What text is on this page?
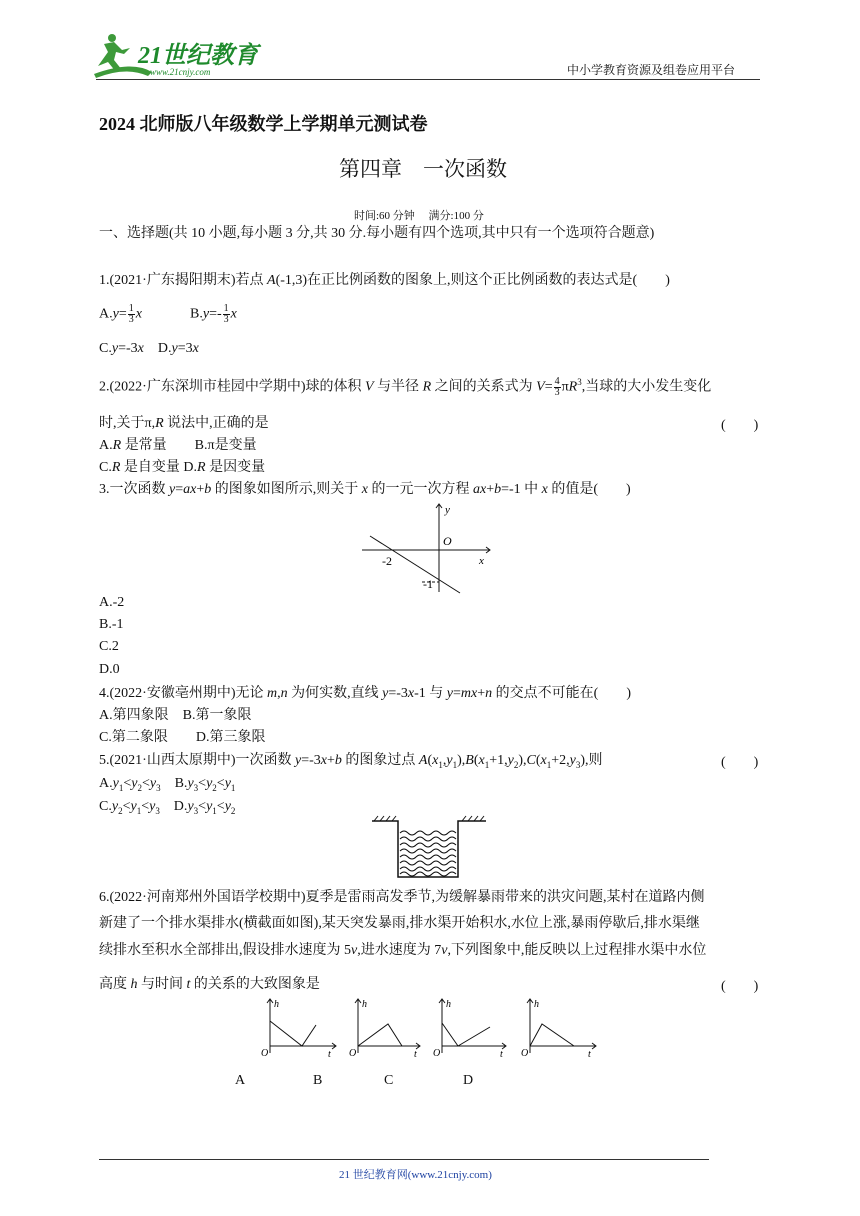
21世纪教育
www.21cnjy.com	中小学教育资源及组卷应用平台
2024 北师版八年级数学上学期单元测试卷
第四章　一次函数
时间:60 分钟　 满分:100 分
一、选择题(共 10 小题,每小题 3 分,共 30 分.每小题有四个选项,其中只有一个选项符合题意)
1.(2021·广东揭阳期末)若点 A(-1,3)在正比例函数的图象上,则这个正比例函数的表达式是(　　)
$A.y= \frac{1}{3}$ x	$B.y=- \frac{1}{3}$ x
C.y=-3x　D.y=3x
2.(2022·广东深圳市桂园中学期中)球的体积 V 与半径 R 之间的关系式为 $V= \frac{4}{3} \pi R^3$,当球的大小发生变化
时,关于π,R 说法中,正确的是	(　　)
A.R 是常量　　B.π是变量
C.R 是自变量 D.R 是因变量
3.一次函数 y=ax+b 的图象如图所示,则关于 x 的一元一次方程 ax+b=-1 中 x 的值是(　　)
y
x
O
-2
-1
A.-2
B.-1
C.2
D.0
4.(2022·安徽亳州期中)无论 m,n 为何实数,直线 y=-3x-1 与 y=mx+n 的交点不可能在(　　)
A.第四象限　B.第一象限
C.第二象限　　D.第三象限
5.(2021·山西太原期中)一次函数 y=-3x+b 的图象过点 $A(x_1,y_1),B(x_1+1,y_2),C(x_1+2,y_3)$,则	(　　)
$A.y_1<y_2<y_3$　$B.y_3<y_2<y_1$
$C.y_2<y_1<y_3$　$D.y_3<y_1<y_2$
6.(2022·河南郑州外国语学校期中)夏季是雷雨高发季节,为缓解暴雨带来的洪灾问题,某村在道路内侧
新建了一个排水渠排水(横截面如图),某天突发暴雨,排水渠开始积水,水位上涨,暴雨停歇后,排水渠继
续排水至积水全部排出,假设排水速度为 5v,进水速度为 7v,下列图象中,能反映以上过程排水渠中水位
高度 h 与时间 t 的关系的大致图象是	(　　)
h
O	t
h
O	t
h
O	t
h
O	t
A	B	C	D
21 世纪教育网(www.21cnjy.com)
